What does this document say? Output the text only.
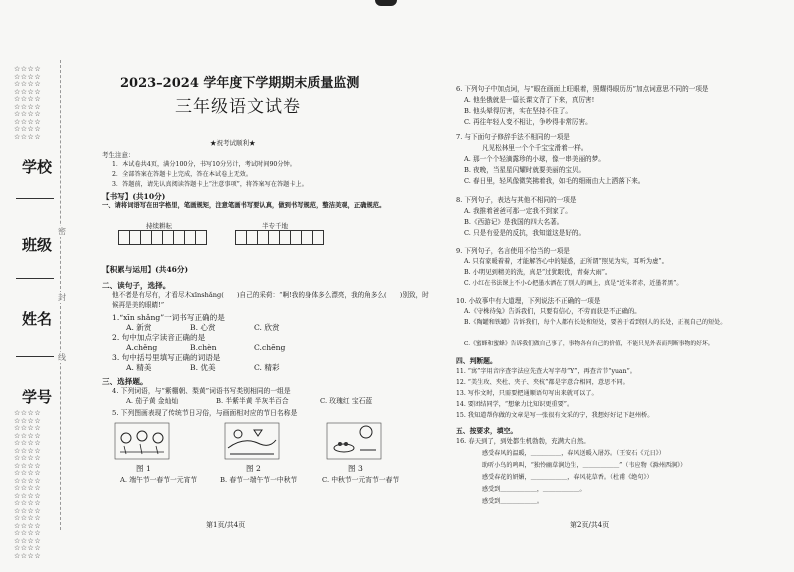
☆☆☆☆
☆☆☆☆
☆☆☆☆
☆☆☆☆
☆☆☆☆
☆☆☆☆
☆☆☆☆
☆☆☆☆
☆☆☆☆
☆☆☆☆
学校
班级
姓名
学号
☆☆☆☆
☆☆☆☆
☆☆☆☆
☆☆☆☆
☆☆☆☆
☆☆☆☆
☆☆☆☆
☆☆☆☆
☆☆☆☆
☆☆☆☆
☆☆☆☆
☆☆☆☆
☆☆☆☆
☆☆☆☆
☆☆☆☆
☆☆☆☆
☆☆☆☆
☆☆☆☆
☆☆☆☆
☆☆☆☆
密
封
线
2023–2024 学年度下学期期末质量监测
三年级语文试卷
★祝考试顺利★
考生注意：
1．本试卷共4页，满分100分，书写10分另计，考试时间90分钟。
2．全部答案在答题卡上完成，答在本试卷上无效。
3．答题前，请先认真阅读答题卡上“注意事项”，将答案写在答题卡上。
【书写】(共10分)
一、请将词语写在田字格里，笔画规矩，注意笔画书写要认真，做到书写规范，整洁美观，正确规范。
持续耕耘	半专千地
【积累与运用】(共46分)
二、读句子，选择。
他不者是有尽有，才看尽木xīnshǎng(　　)自己的采荷：“啊!我的身体多么漂亮，我的角多么(　　)别致，时候再是美的眼睛!”
1.“xīn shǎng”一词书写正确的是
A. 新赏	B. 心赏	C. 欣赏
2. 句中加点字读音正确的是
A.chěng	B.chèn	C.chēng
3. 句中括号里填写正确的词语是
A. 精美	B. 优美	C. 精彩
三、选择题。
4. 下列词语，与“紫棚朝、梨黄”词语书写类别相同的一组是
A. 茄子黄 金灿灿	B. 半紫半黄 半灰半百合	C. 玫瑰红 宝石蓝
5. 下列图画表现了传统节日习俗，与画面相对应的节日名称是
图 1	图 2	图 3
A. 端午节一春节一元宵节	B. 春节一端午节一中秋节	C. 中秋节一元宵节一春节
第1页/共4页
6. 下列句子中加点词，与“眼在画面上旺眼着，照耀得眼历历”加点词意思不同的一项是
A. 他坐俄就是一篇长课文背了下来，真厉害!
B. 他头晕得厉害，实在坚持不住了。
C. 再往年轻人变不相让，争吵得非常厉害。
7. 与下面句子修辞手法不相同的一项是
凡见松林里一个个千宝宝滑着一样。
A. 那一个个轻滴露珍的小球，像一串美丽的梦。
B. 夜晚，当星星闪耀时就要美丽的宝贝。
C. 春日里，轻风像微笑拂着我，如毛的细雨由大上洒落下来。
8. 下列句子，表达与其他不相同的一项是
A. 我推着爸爸可那一定我不到家了。
B.《西游记》是我国的四大名著。
C. 只是有爱是的反抗，我知道这是好的。
9. 下列句子，名言使用不恰当的一项是
A. 只有家暖着着，才能解答心中的疑惑，正所谓“照见为实，耳听为虚”。
B. 小明见到精美的洗，真是“过犹眼优，青奏大雨”。
C. 小红在书法课上不小心把墨水洒在了别人的画上，真是“近朱者赤，近墨者黑”。
10. 小故事中有大道理，下列说法不正确的一项是
A.《守株待兔》告诉我们，只要有信心，不劳而获是不正确的。
B.《陶罐和铁罐》告诉我们，每个人都有长处和短处，要善于看到别人的长处，正视自己的短处。
C.《蜜蜂和蜜蜂》告诉我们做自己事了，事物各有自己的价值，不能只见外表而判断事物的好坏。
四、判断题。
11. “寓”字用音序查字法应先查大写字母“Y”，再查音节“yuan”。
12. “美生玫、夹杜、夹子、夹杭”都是字意合相同，意思不同。
13. 写作文时，只需要把通顺语句写出来就可以了。
14. 要团结同学，“想象力比知识更重要”。
15. 我知道帮你做的文章是写一张很有文采的宁，我想好好记下赵州桥。
五、按要求，填空。
16. 春天到了，到处都生机勃勃，充满大自然。
感受春风的温暖，＿＿＿＿＿，春风送暖入屠苏。（王安石《元日》）
助听小鸟的鸣叫，“独怜幽草涧边生，＿＿＿＿＿＿”（韦应物《滁州西涧》）
感受春花的妍媚，＿＿＿＿＿＿，春风花草香。（杜甫《绝句》）
感受到＿＿＿＿＿＿，＿＿＿＿＿＿。
感受到＿＿＿＿＿＿。
第2页/共4页
